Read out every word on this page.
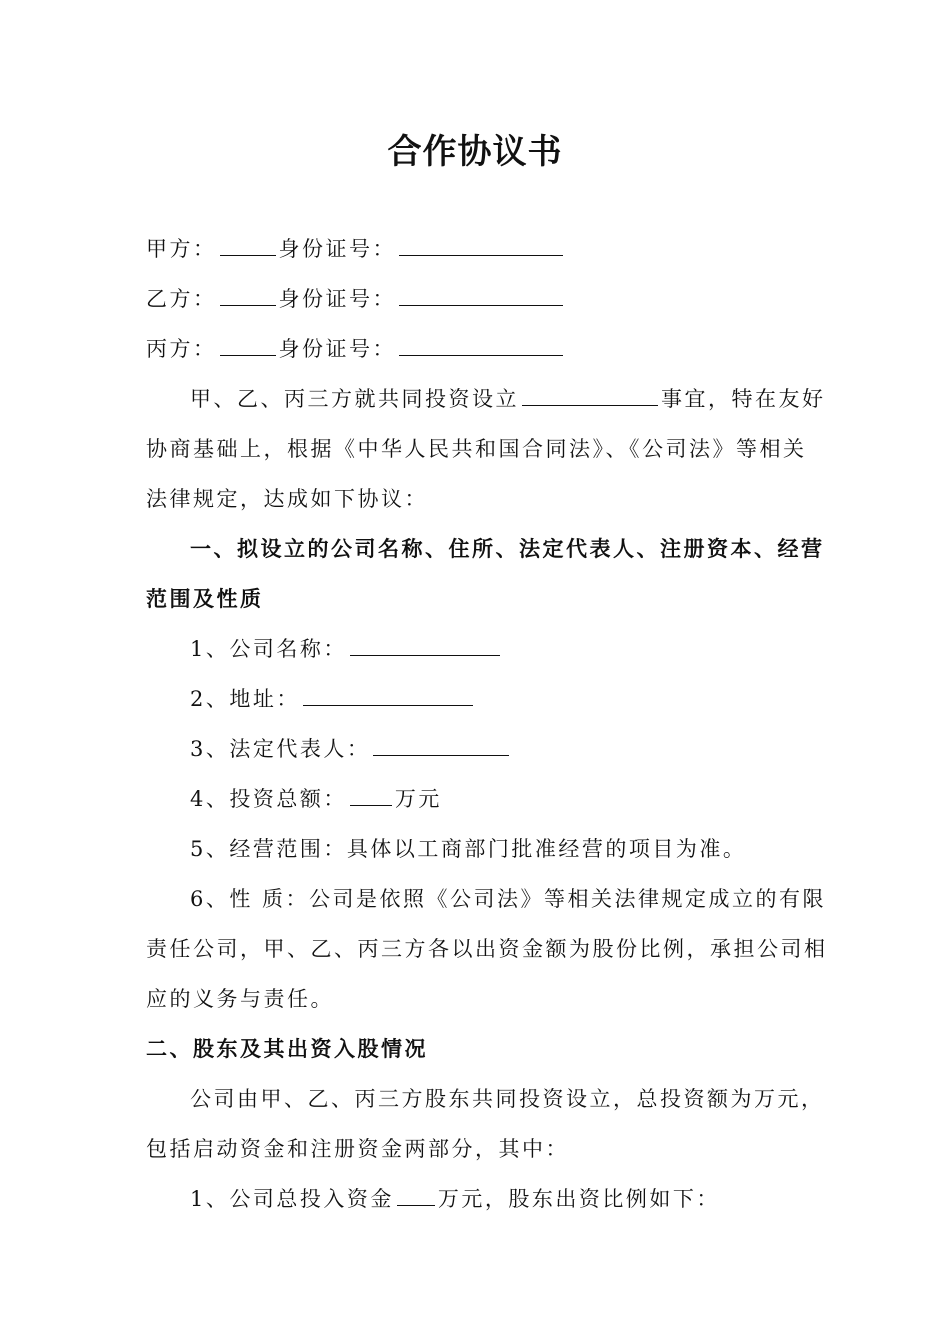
合作协议书
甲方：	身份证号：
乙方：	身份证号：
丙方：	身份证号：
甲、乙、丙三方就共同投资设立	事宜，特在友好
协商基础上，根据《中华人民共和国合同法》、《公司法》等相关
法律规定，达成如下协议：
一、拟设立的公司名称、住所、法定代表人、注册资本、经营
范围及性质
1、公司名称：
2、地址：
3、法定代表人：
4、投资总额： 万元
5、经营范围：具体以工商部门批准经营的项目为准。
6、性 质：公司是依照《公司法》等相关法律规定成立的有限
责任公司，甲、乙、丙三方各以出资金额为股份比例，承担公司相
应的义务与责任。
二、股东及其出资入股情况
公司由甲、乙、丙三方股东共同投资设立，总投资额为万元，
包括启动资金和注册资金两部分，其中：
1、公司总投入资金 万元，股东出资比例如下：
